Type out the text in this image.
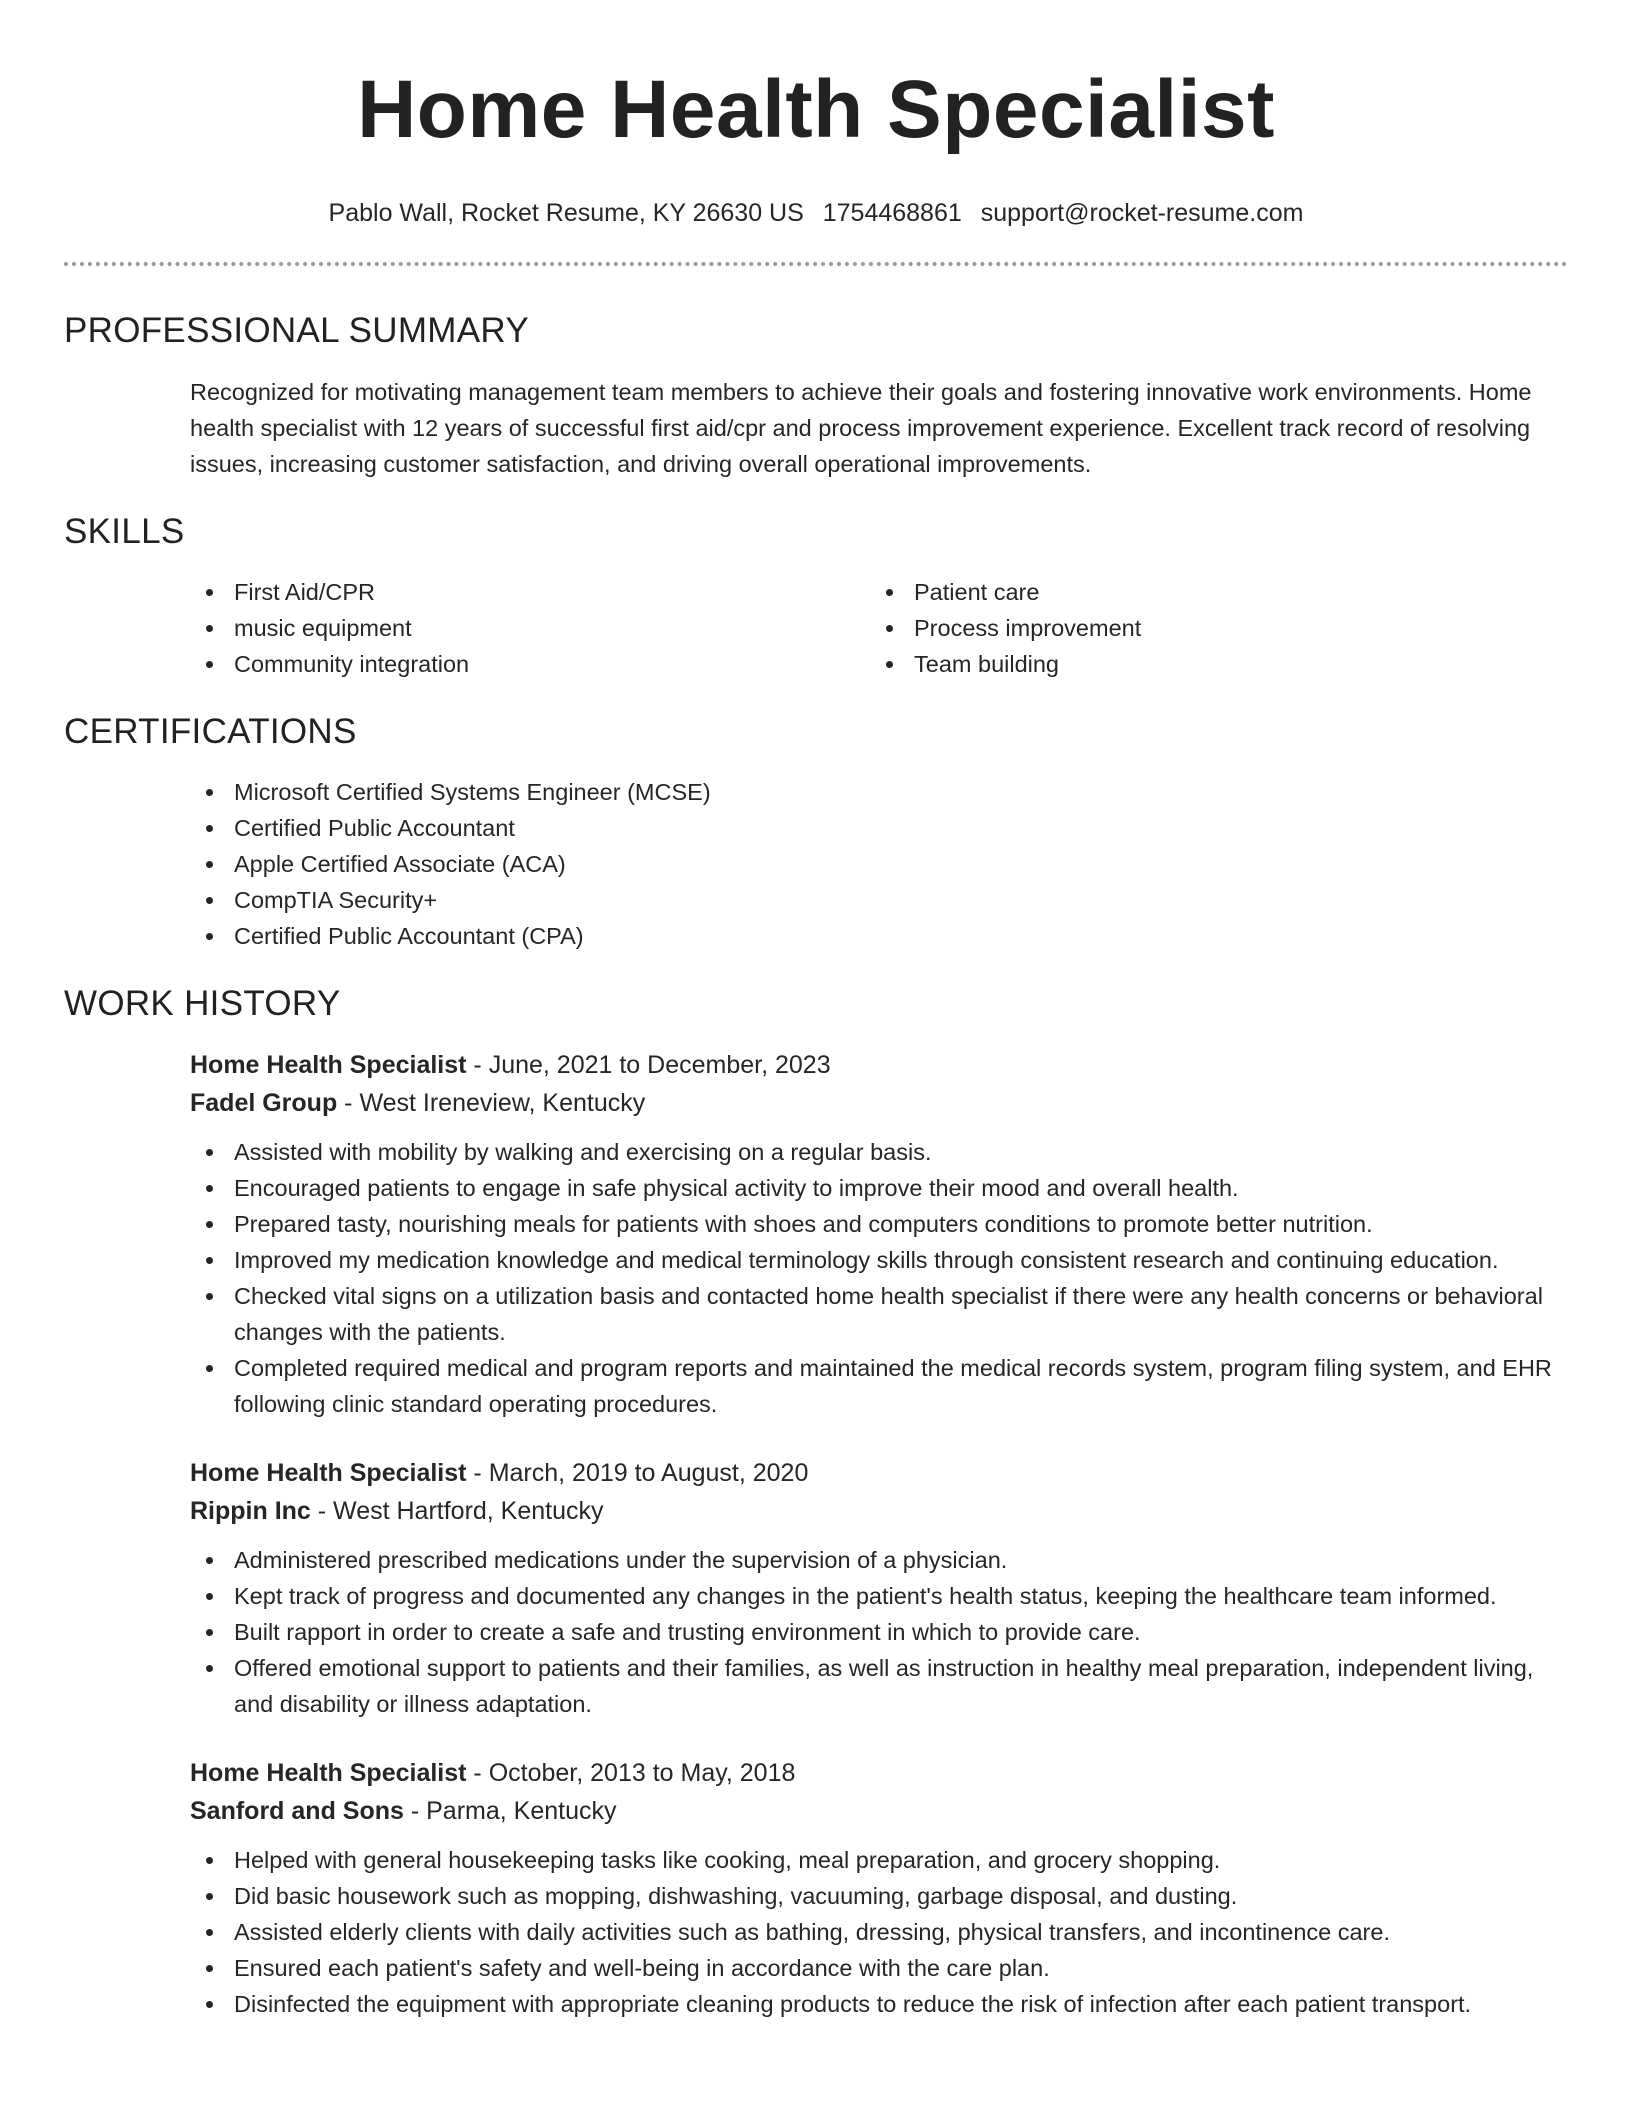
Home Health Specialist
Pablo Wall, Rocket Resume, KY 26630 US 1754468861 support@rocket-resume.com
PROFESSIONAL SUMMARY

Recognized for motivating management team members to achieve their goals and fostering innovative work environments. Home health specialist with 12 years of successful first aid/cpr and process improvement experience. Excellent track record of resolving issues, increasing customer satisfaction, and driving overall operational improvements.

SKILLS
First Aid/CPR
music equipment
Community integration
Patient care
Process improvement
Team building
CERTIFICATIONS
Microsoft Certified Systems Engineer (MCSE)
Certified Public Accountant
Apple Certified Associate (ACA)
CompTIA Security+
Certified Public Accountant (CPA)
WORK HISTORY
Home Health Specialist - June, 2021 to December, 2023
Fadel Group - West Ireneview, Kentucky
Assisted with mobility by walking and exercising on a regular basis.
Encouraged patients to engage in safe physical activity to improve their mood and overall health.
Prepared tasty, nourishing meals for patients with shoes and computers conditions to promote better nutrition.
Improved my medication knowledge and medical terminology skills through consistent research and continuing education.
Checked vital signs on a utilization basis and contacted home health specialist if there were any health concerns or behavioral changes with the patients.
Completed required medical and program reports and maintained the medical records system, program filing system, and EHR following clinic standard operating procedures.
Home Health Specialist - March, 2019 to August, 2020
Rippin Inc - West Hartford, Kentucky
Administered prescribed medications under the supervision of a physician.
Kept track of progress and documented any changes in the patient's health status, keeping the healthcare team informed.
Built rapport in order to create a safe and trusting environment in which to provide care.
Offered emotional support to patients and their families, as well as instruction in healthy meal preparation, independent living, and disability or illness adaptation.
Home Health Specialist - October, 2013 to May, 2018
Sanford and Sons - Parma, Kentucky
Helped with general housekeeping tasks like cooking, meal preparation, and grocery shopping.
Did basic housework such as mopping, dishwashing, vacuuming, garbage disposal, and dusting.
Assisted elderly clients with daily activities such as bathing, dressing, physical transfers, and incontinence care.
Ensured each patient's safety and well-being in accordance with the care plan.
Disinfected the equipment with appropriate cleaning products to reduce the risk of infection after each patient transport.
